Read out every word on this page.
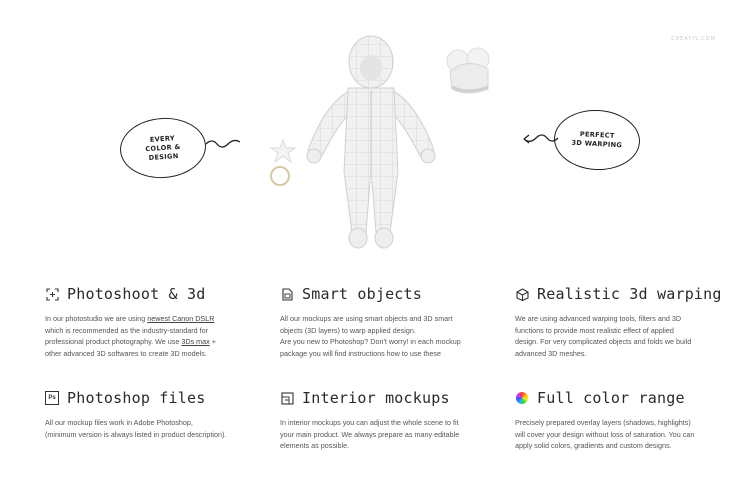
CREATIV.COM
EVERY
COLOR &
DESIGN
PERFECT
3D WARPING
Photoshoot & 3d
In our photostudio we are using newest Canon DSLR
which is recommended as the industry-standard for
professional product photography. We use 3Ds max +
other advanced 3D softwares to create 3D models.
Smart objects
All our mockups are using smart objects and 3D smart
objects (3D layers) to warp applied design.
Are you new to Photoshop? Don't worry! in each mockup
package you will find instructions how to use these
Realistic 3d warping
We are using advanced warping tools, filters and 3D
functions to provide most realistic effect of applied
design. For very complicated objects and folds we build
advanced 3D meshes.
Ps Photoshop files
All our mockup files work in Adobe Photoshop,
(minimum version is always listed in product description).
Interior mockups
In interior mockups you can adjust the whole scene to fit
your main product. We always prepare as many editable
elements as possible.
Full color range
Precisely prepared overlay layers (shadows, highlights)
will cover your design without loss of saturation. You can
apply solid colors, gradients and custom designs.
